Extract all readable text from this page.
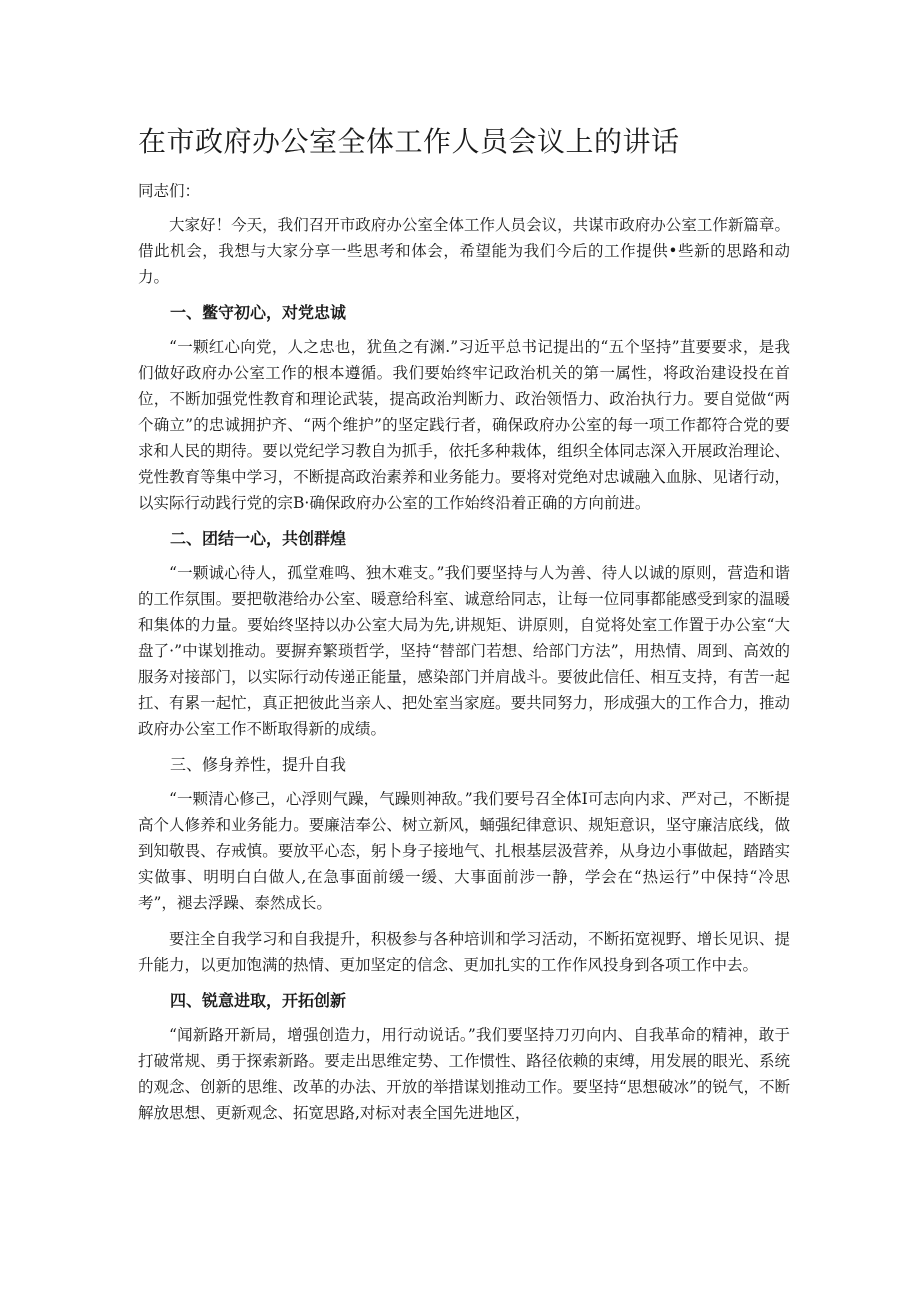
在市政府办公室全体工作人员会议上的讲话

同志们：

大家好！今天，我们召开市政府办公室全体工作人员会议，共谋市政府办公室工作新篇章。借此机会，我想与大家分享一些思考和体会，希望能为我们今后的工作提供•些新的思路和动力。

一、鳖守初心，对党忠诚

“一颗红心向党，人之忠也，犹鱼之有渊.”习近平总书记提出的“五个坚持”苴要要求，是我们做好政府办公室工作的根本遵循。我们要始终牢记政治机关的第一属性，将政治建设投在首位，不断加强党性教育和理论武装，提高政治判断力、政治领悟力、政治执行力。要自觉做“两个确立”的忠诚拥护齐、“两个维护”的坚定践行者，确保政府办公室的每一项工作都符合党的要求和人民的期待。要以党纪学习教自为抓手，依托多种栽体，组织全体同志深入开展政治理论、党性教育等集中学习，不断提高政治素养和业务能力。要将对党绝对忠诚融入血脉、见诸行动，以实际行动践行党的宗B·确保政府办公室的工作始终沿着正确的方向前进。

二、团结一心，共创群煌

“一颗诚心待人，孤堂难鸣、独木难支。”我们要坚持与人为善、待人以诚的原则，营造和谐的工作氛围。要把敬港给办公室、暖意给科室、诚意给同志，让每一位同事都能感受到家的温暖和集体的力量。要始终坚持以办公室大局为先,讲规矩、讲原则，自觉将处室工作置于办公室“大盘了·”中谋划推动。要摒弃繁琐哲学，坚持“替部门若想、给部门方法”，用热情、周到、高效的服务对接部门，以实际行动传递正能量，感染部门并肩战斗。要彼此信任、相互支持，有苦一起扛、有累一起忙，真正把彼此当亲人、把处室当家庭。要共同努力，形成强大的工作合力，推动政府办公室工作不断取得新的成绩。

三、修身养性，提升自我

“一颗清心修己，心浮则气躁，气躁则神敌。”我们要号召全体I可志向内求、严对己，不断提高个人修养和业务能力。要廉洁奉公、树立新风，蛹强纪律意识、规矩意识，坚守廉洁底线，做到知敬畏、存戒慎。要放平心态，躬卜身子接地气、扎根基层汲营养，从身边小事做起，踏踏实实做事、明明白白做人,在急事面前缓一缓、大事面前涉一静，学会在“热运行”中保持“冷思考”，褪去浮躁、泰然成长。

要注全自我学习和自我提升，积极参与各种培训和学习活动，不断拓宽视野、增长见识、提升能力，以更加饱满的热情、更加坚定的信念、更加扎实的工作作风投身到各项工作中去。

四、锐意进取，开拓创新

“闻新路开新局，增强创造力，用行动说话。”我们要坚持刀刃向内、自我革命的精神，敢于打破常规、勇于探索新路。要走出思维定势、工作惯性、路径依赖的束缚，用发展的眼光、系统的观念、创新的思维、改革的办法、开放的举措谋划推动工作。要坚持“思想破冰”的锐气，不断解放思想、更新观念、拓宽思路,对标对表全国先进地区，
